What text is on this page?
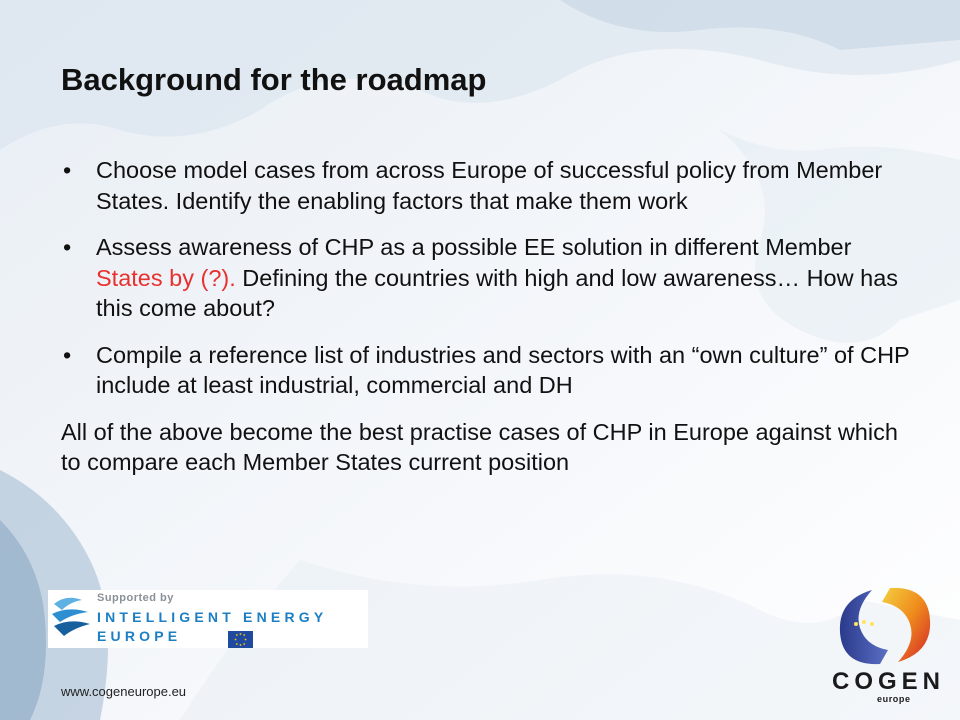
Background for the roadmap
• Choose model cases from across Europe of successful policy from Member States. Identify the enabling factors that make them work
• Assess awareness of CHP as a possible EE solution in different Member States by (?). Defining the countries with high and low awareness… How has this come about?
• Compile a reference list of industries and sectors with an “own culture” of CHP include at least industrial, commercial and DH

All of the above become the best practise cases of CHP in Europe against which to compare each Member States current position

Supported by
INTELLIGENT ENERGY
EUROPE
www.cogeneurope.eu	COGEN
europe
